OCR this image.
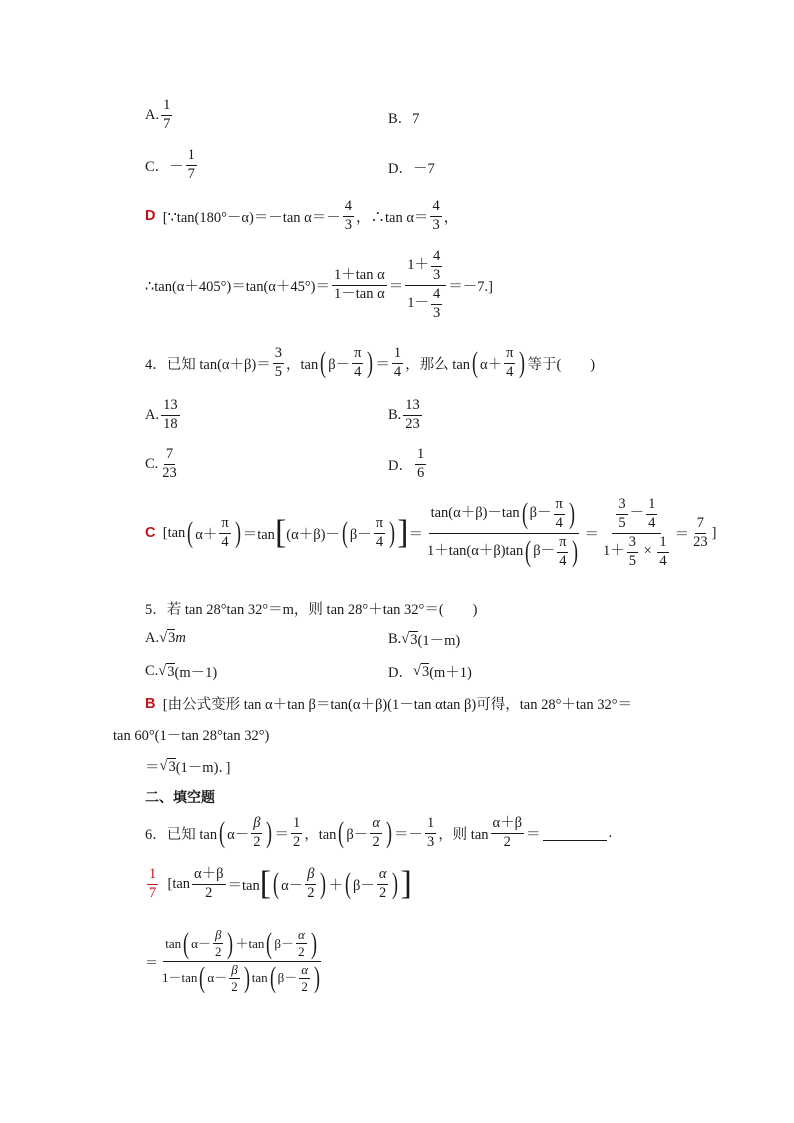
A. $\frac{1}{7}$	B．7
C．－ $\frac{1}{7}$	D．－7
D
[∵tan(180°－α)＝－tan $\alpha=- \frac{4}{3}$ ，∴tan $\alpha= \frac{4}{3}$ ，
∴tan(α＋405°)＝tan(α＋45°)＝ $\frac{\text{1＋tan α}}{\text{1－tan α}} = \frac{1+ \frac{4}{3}}{1- \frac{4}{3}} =-7$.]
4．已知 $\tan(\alpha+\beta)= \frac{3}{5}$ ，tan ( $\beta- \frac{\pi}{4}$ ) ＝ $\frac{1}{4}$ ，那么 tan ( $\alpha+ \frac{\pi}{4}$ ) 等于(　　)
A. $\frac{13}{18}$	B. $\frac{13}{23}$
C. $\frac{7}{23}$	D． $\frac{1}{6}$
C
[tan ( $\alpha+ \frac{\pi}{4}$ ) ＝tan [ (α＋β)－ ( $\beta- \frac{\pi}{4}$ ) ] ＝ $\frac{\tan(\alpha+\beta)-\tan ( \beta- \frac{\pi}{4} )}{1+\tan(\alpha+\beta)\tan ( \beta- \frac{\pi}{4} )} = \frac{3}{5} - \frac{1}{4}$
$1+ \frac{3}{5}$
×
$\frac{1}{4} = \frac{7}{23}$ ]
5．若 tan 28°tan 32°＝m，则 tan 28°＋tan 32°＝(　　)
A. √ 3 m	B. √ 3 (1－m)
C. √ 3 (m－1)	D． √ 3 (m＋1)
B
[由公式变形 tan α＋tan β＝tan(α＋β)(1－tan αtan β)可得，tan 28°＋tan 32°＝
tan 60°(1－tan 28°tan 32°)
＝ √ 3 (1－m)．]
二、填空题
6．已知 tan ( $\alpha- \frac{\beta}{2}$ ) ＝ $\frac{1}{2}$ ，tan ( $\beta- \frac{\alpha}{2}$ ) ＝－ $\frac{1}{3}$ ，则 $\tan \frac{\alpha+\beta}{2}$ ＝	.
$\frac{1}{7}$
[$\tan \frac{\alpha+\beta}{2} =\tan$ [ ( $\alpha- \frac{\beta}{2}$ ) ＋ ( $\beta- \frac{\alpha}{2}$ ) ]
＝ $\frac{\tan ( \alpha- \frac{\beta}{2} ) + \tan ( \beta- \frac{\alpha}{2} )}{1-\tan ( \alpha- \frac{\beta}{2} ) \tan ( \beta- \frac{\alpha}{2} )}$
